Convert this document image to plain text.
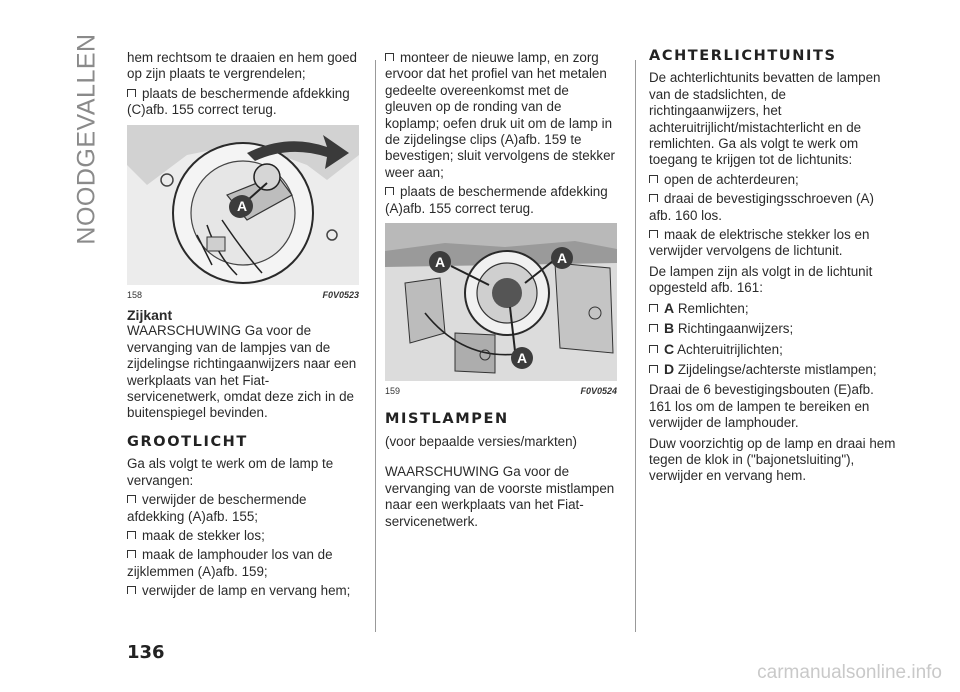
NOODGEVALLEN hem rechtsom te draaien en hem goed op zijn plaats te vergrendelen;

plaats de beschermende afdekking (C)afb. 155 correct terug.

A
158	F0V0523
Zijkant

WAARSCHUWING Ga voor de vervanging van de lampjes van de zijdelingse richtingaanwijzers naar een werkplaats van het Fiat-servicenetwerk, omdat deze zich in de buitenspiegel bevinden.

GROOTLICHT

Ga als volgt te werk om de lamp te vervangen:

verwijder de beschermende afdekking (A)afb. 155;

maak de stekker los;

maak de lamphouder los van de zijklemmen (A)afb. 159;

verwijder de lamp en vervang hem;

monteer de nieuwe lamp, en zorg ervoor dat het profiel van het metalen gedeelte overeenkomst met de gleuven op de ronding van de koplamp; oefen druk uit om de lamp in de zijdelingse clips (A)afb. 159 te bevestigen; sluit vervolgens de stekker weer aan;

plaats de beschermende afdekking (A)afb. 155 correct terug.

A	A
A
159	F0V0524
MISTLAMPEN

(voor bepaalde versies/markten)

WAARSCHUWING Ga voor de vervanging van de voorste mistlampen naar een werkplaats van het Fiat-servicenetwerk.

ACHTERLICHTUNITS

De achterlichtunits bevatten de lampen van de stadslichten, de richtingaanwijzers, het achteruitrijlicht/mistachterlicht en de remlichten. Ga als volgt te werk om toegang te krijgen tot de lichtunits:

open de achterdeuren;

draai de bevestigingsschroeven (A) afb. 160 los.

maak de elektrische stekker los en verwijder vervolgens de lichtunit.

De lampen zijn als volgt in de lichtunit opgesteld afb. 161:

A Remlichten;

B Richtingaanwijzers;

C Achteruitrijlichten;

D Zijdelingse/achterste mistlampen;

Draai de 6 bevestigingsbouten (E)afb. 161 los om de lampen te bereiken en verwijder de lamphouder.

Duw voorzichtig op de lamp en draai hem tegen de klok in ("bajonetsluiting"), verwijder en vervang hem.

136
carmanualsonline.info
